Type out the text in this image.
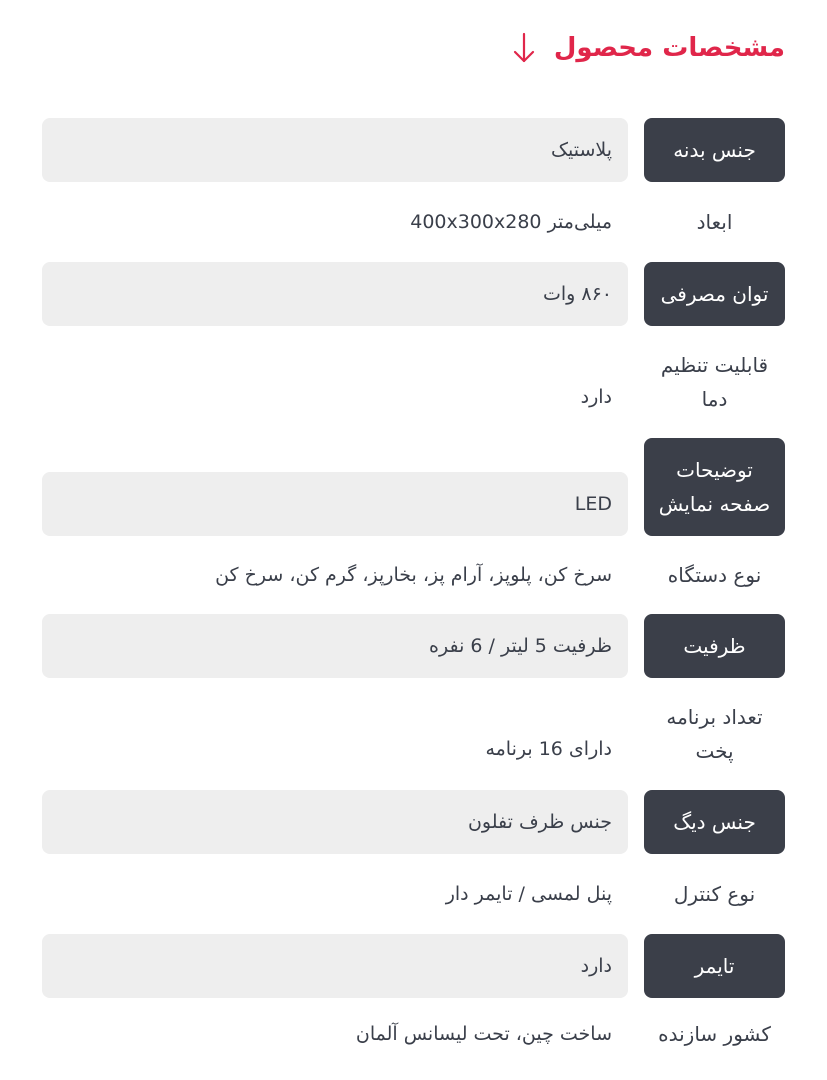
مشخصات محصول
جنس بدنه
پلاستیک
ابعاد
400x300x280 میلی‌متر
توان مصرفی
۸۶۰ وات
قابلیت تنظیم دما
دارد
توضیحات صفحه نمایش
LED
نوع دستگاه
سرخ کن، پلوپز، آرام پز، بخارپز، گرم کن، سرخ کن
ظرفیت
ظرفیت 5 لیتر / 6 نفره
تعداد برنامه پخت
دارای 16 برنامه
جنس دیگ
جنس ظرف تفلون
نوع کنترل
پنل لمسی / تایمر دار
تایمر
دارد
کشور سازنده
ساخت چین، تحت لیسانس آلمان
